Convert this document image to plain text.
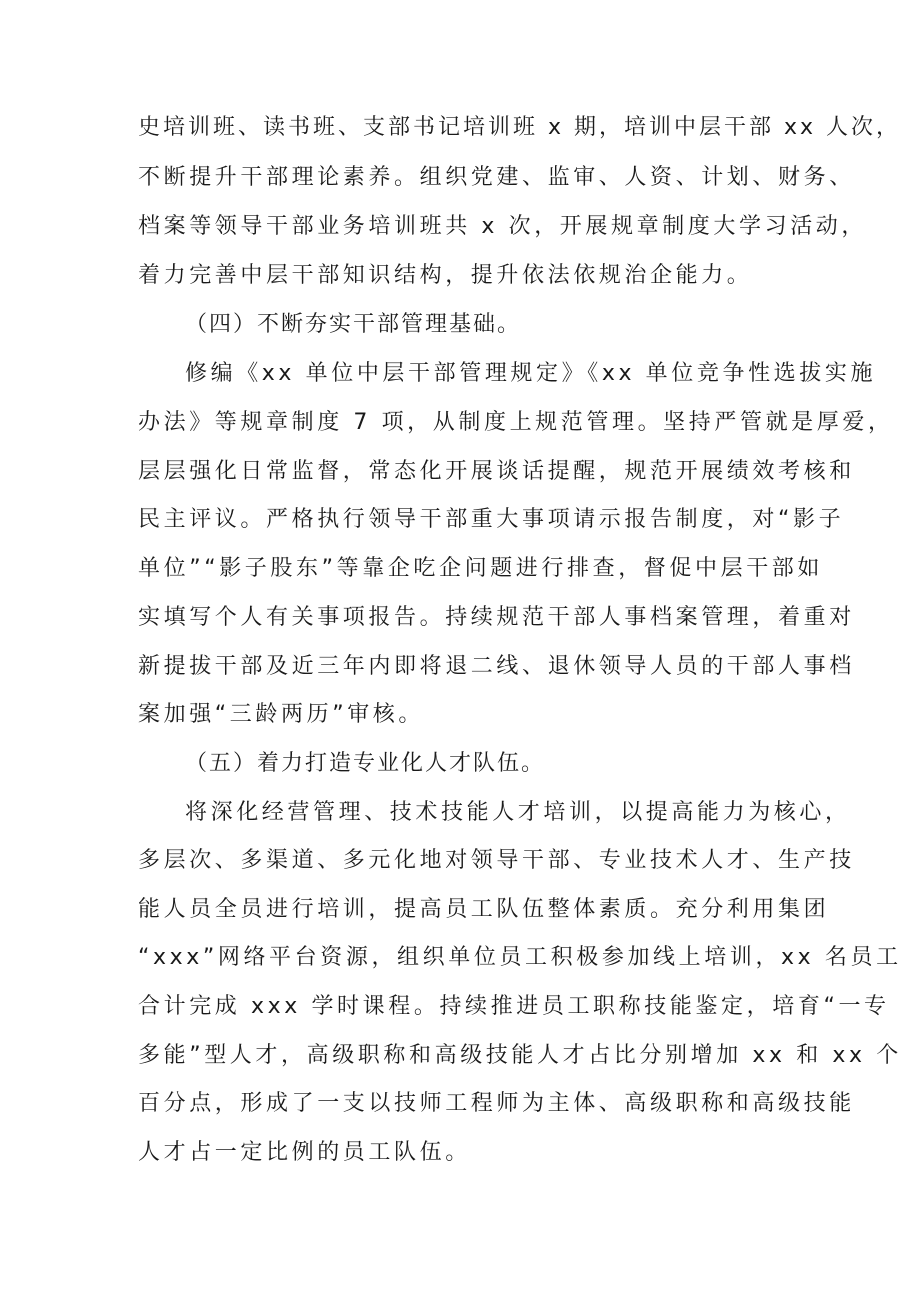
史培训班、读书班、支部书记培训班 x 期，培训中层干部 xx 人次，
不断提升干部理论素养。组织党建、监审、人资、计划、财务、
档案等领导干部业务培训班共 x 次，开展规章制度大学习活动，
着力完善中层干部知识结构，提升依法依规治企能力。
（四）不断夯实干部管理基础。
修编《xx 单位中层干部管理规定》《xx 单位竞争性选拔实施
办法》等规章制度 7 项，从制度上规范管理。坚持严管就是厚爱，
层层强化日常监督，常态化开展谈话提醒，规范开展绩效考核和
民主评议。严格执行领导干部重大事项请示报告制度，对“影子
单位”“影子股东”等靠企吃企问题进行排查，督促中层干部如
实填写个人有关事项报告。持续规范干部人事档案管理，着重对
新提拔干部及近三年内即将退二线、退休领导人员的干部人事档
案加强“三龄两历”审核。
（五）着力打造专业化人才队伍。
将深化经营管理、技术技能人才培训，以提高能力为核心，
多层次、多渠道、多元化地对领导干部、专业技术人才、生产技
能人员全员进行培训，提高员工队伍整体素质。充分利用集团
“xxx”网络平台资源，组织单位员工积极参加线上培训，xx 名员工
合计完成 xxx 学时课程。持续推进员工职称技能鉴定，培育“一专
多能”型人才，高级职称和高级技能人才占比分别增加 xx 和 xx 个
百分点，形成了一支以技师工程师为主体、高级职称和高级技能
人才占一定比例的员工队伍。
